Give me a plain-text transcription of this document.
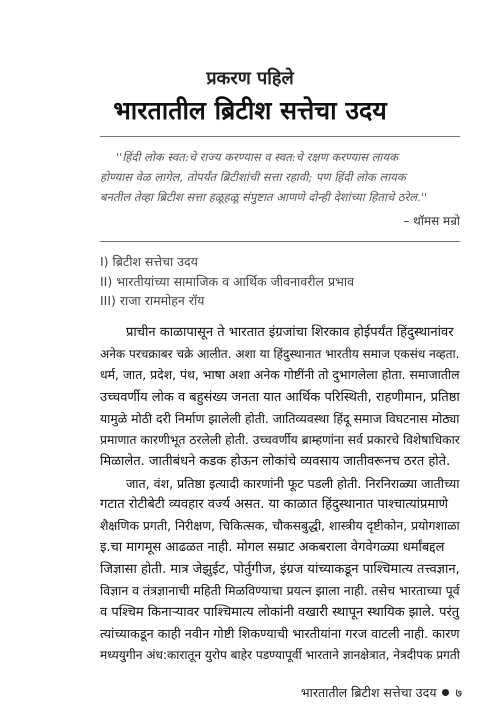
प्रकरण पहिले
भारतातील ब्रिटीश सत्तेचा उदय
''हिंदी लोक स्वत:चे राज्य करण्यास व स्वत:चे रक्षण करण्यास लायक
होण्यास वेळ लागेल, तोपर्यंत ब्रिटीशांची सत्ता रहावी; पण हिंदी लोक लायक
बनतील तेव्हा ब्रिटीश सत्ता हळूहळू संपुष्टात आणणे दोन्ही देशांच्या हिताचे ठरेल.''
– थॉमस मन्रो
I) ब्रिटीश सत्तेचा उदय
II) भारतीयांच्या सामाजिक व आर्थिक जीवनावरील प्रभाव
III) राजा राममोहन रॉय
प्राचीन काळापासून ते भारतात इंग्रजांचा शिरकाव होईपर्यंत हिंदुस्थानांवर
अनेक परचक्राबर चक्रे आलीत. अशा या हिंदुस्थानात भारतीय समाज एकसंध नव्हता.
धर्म, जात, प्रदेश, पंथ, भाषा अशा अनेक गोष्टींनी तो दुभागलेला होता. समाजातील
उच्चवर्णीय लोक व बहुसंख्य जनता यात आर्थिक परिस्थिती, राहणीमान, प्रतिष्ठा
यामुळे मोठी दरी निर्माण झालेली होती. जातिव्यवस्था हिंदू समाज विघटनास मोठ्या
प्रमाणात कारणीभूत ठरलेली होती. उच्चवर्णीय ब्राम्हणांना सर्व प्रकारचे विशेषाधिकार
मिळालेत. जातीबंधने कडक होऊन लोकांचे व्यवसाय जातीवरूनच ठरत होते.
जात, वंश, प्रतिष्ठा इत्यादी कारणांनी फूट पडली होती. निरनिराळ्या जातीच्या
गटात रोटीबेटी व्यवहार वर्ज्य असत. या काळात हिंदुस्थानात पाश्चात्यांप्रमाणे
शैक्षणिक प्रगती, निरीक्षण, चिकित्सक, चौकसबुद्धी, शास्त्रीय दृष्टीकोन, प्रयोगशाळा
इ.चा मागमूस आढळत नाही. मोगल सम्राट अकबराला वेगवेगळ्या धर्मांबद्दल
जिज्ञासा होती. मात्र जेझुईट, पोर्तुगीज, इंग्रज यांच्याकडून पाश्चिमात्य तत्त्वज्ञान,
विज्ञान व तंत्रज्ञानाची महिती मिळविण्याचा प्रयत्न झाला नाही. तसेच भारताच्या पूर्व
व पश्चिम किनाऱ्यावर पाश्चिमात्य लोकांनी वखारी स्थापून स्थायिक झाले. परंतु
त्यांच्याकडून काही नवीन गोष्टी शिकण्याची भारतीयांना गरज वाटली नाही. कारण
मध्ययुगीन अंध:कारातून युरोप बाहेर पडण्यापूर्वी भारताने ज्ञानक्षेत्रात, नेत्रदीपक प्रगती
भारतातील ब्रिटीश सत्तेचा उदय ७
